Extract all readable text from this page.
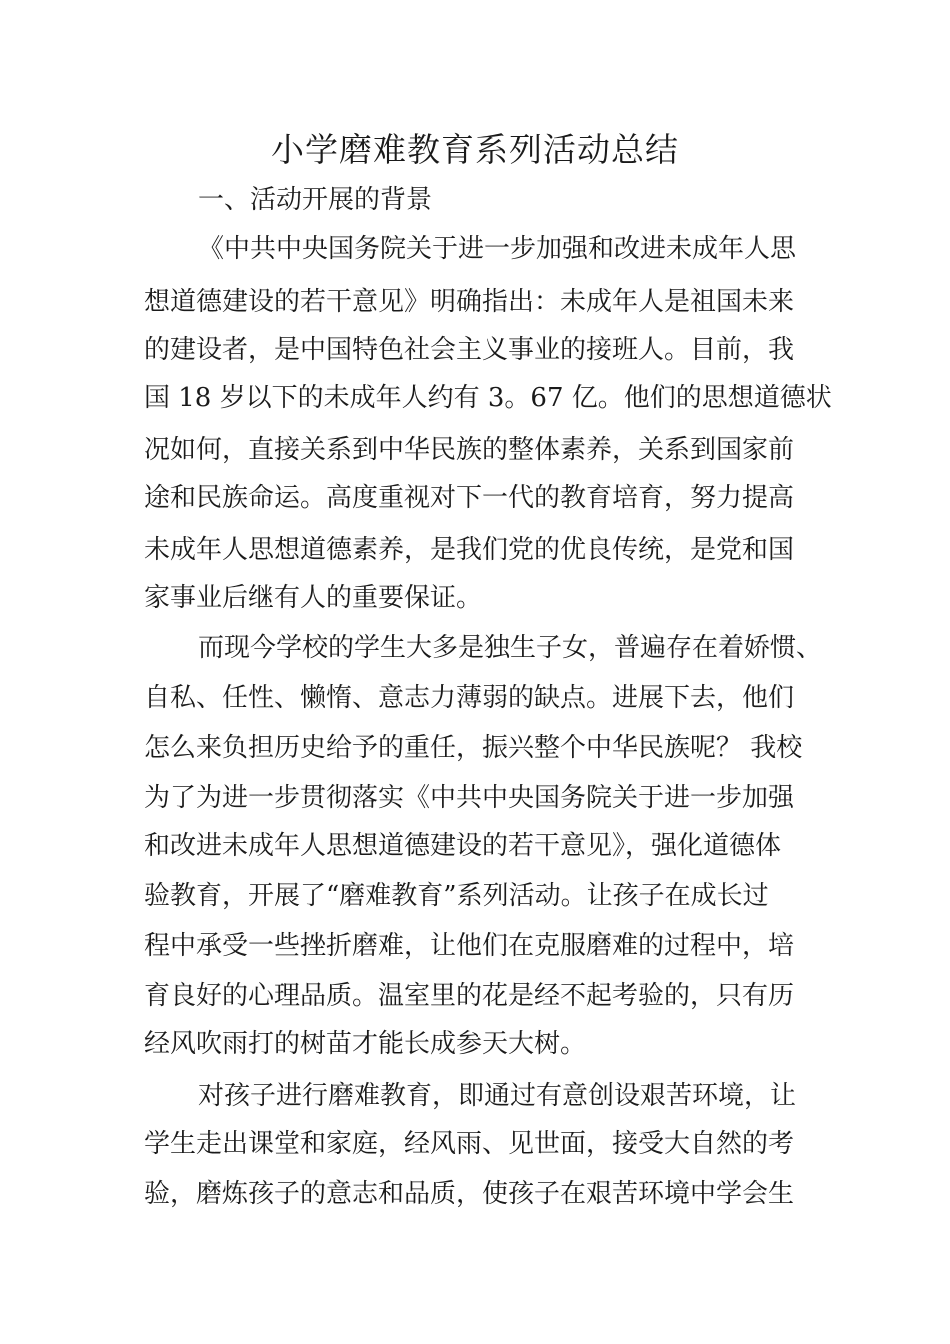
小学磨难教育系列活动总结
一、活动开展的背景
《中共中央国务院关于进一步加强和改进未成年人思
想道德建设的若干意见》明确指出：未成年人是祖国未来
的建设者，是中国特色社会主义事业的接班人。目前，我
国 18 岁以下的未成年人约有 3。67 亿。他们的思想道德状
况如何，直接关系到中华民族的整体素养，关系到国家前
途和民族命运。高度重视对下一代的教育培育，努力提高
未成年人思想道德素养，是我们党的优良传统，是党和国
家事业后继有人的重要保证。
而现今学校的学生大多是独生子女，普遍存在着娇惯、
自私、任性、懒惰、意志力薄弱的缺点。进展下去，他们
怎么来负担历史给予的重任，振兴整个中华民族呢？ 我校
为了为进一步贯彻落实《中共中央国务院关于进一步加强
和改进未成年人思想道德建设的若干意见》，强化道德体
验教育，开展了“磨难教育”系列活动。让孩子在成长过
程中承受一些挫折磨难，让他们在克服磨难的过程中，培
育良好的心理品质。温室里的花是经不起考验的，只有历
经风吹雨打的树苗才能长成参天大树。
对孩子进行磨难教育，即通过有意创设艰苦环境，让
学生走出课堂和家庭，经风雨、见世面，接受大自然的考
验，磨炼孩子的意志和品质，使孩子在艰苦环境中学会生
